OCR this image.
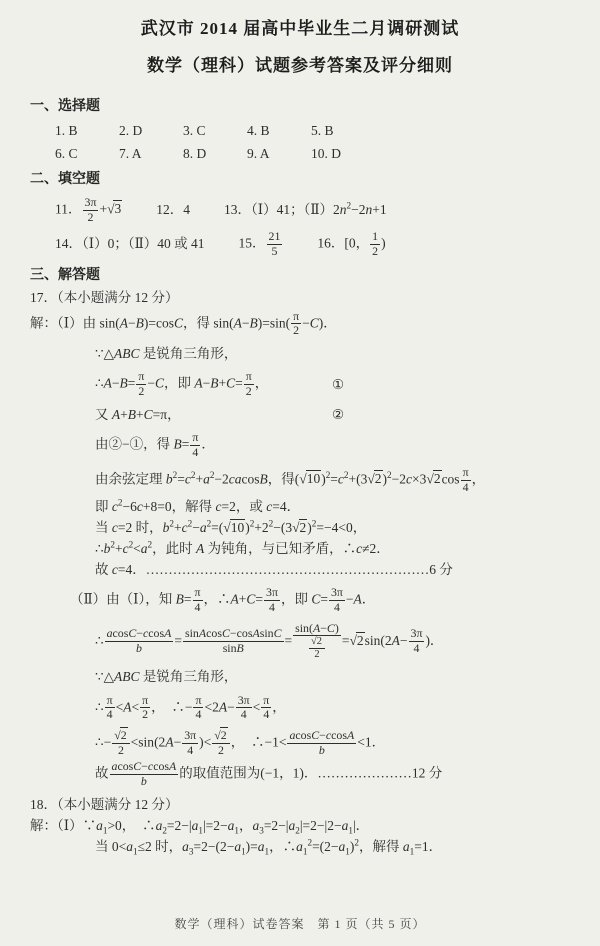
武汉市 2014 届高中毕业生二月调研测试
数学（理科）试题参考答案及评分细则
一、选择题
1. B	2. D	3. C	4. B	5. B
6. C	7. A	8. D	9. A	10. D
二、填空题
11． $\frac{3\pi}{2} +√3$	12．4	13．（Ⅰ）41；$(Ⅱ)2n^2-2n+1$
14．（Ⅰ）0；（Ⅱ）40 或 41	15． $\frac{21}{5}$	16．[0， $\frac{1}{2}$ )
三、解答题
17．（本小题满分 12 分）
解：（Ⅰ）由 sin(A−B)=cosC，得 $\sin(A-B)=\sin( \frac{\pi}{2} -C)$．
∵△ABC 是锐角三角形，
∴A−B= $\frac{\pi}{2} -C$，即 $A-B+C= \frac{\pi}{2}$ ，	①
又 A+B+C=π，	②
由②−①，得 $B= \frac{\pi}{4}$ ．
由余弦定理 $b^2=c^2+a^2-2cacosB$，得$(√10)^2=c^2+(3√2)^2-2c\times 3√2\cos \frac{\pi}{4}$ ，
即 $c^2-6c+8=0$，解得 c=2，或 c=4．
当 c=2 时，$b^2+c^2-a^2=(√10)^2+2^2-(3√2)^2=-4<0$，
$\therefore b^2+c^2<a^2$，此时 A 为钝角，与已知矛盾，∴c≠2．
故 c=4．………………………………………………………6 分
（Ⅱ）由（Ⅰ），知 $B= \frac{\pi}{4}$ ，∴A+C= $\frac{3\pi}{4}$ ，即 $C= \frac{3\pi}{4} -A$．
∴ $\frac{acosC-ccosA}{b} = \frac{\text{sinAcosC−cosAsinC}}{\sin B} = \frac{\sin(A-C)}{\frac{√2}{2}} =√2\sin(2A- \frac{3\pi}{4}$ )．
∵△ABC 是锐角三角形，
∴ $\frac{\pi}{4} <A< \frac{\pi}{2}$ ，　∴− $\frac{\pi}{4} <2A- \frac{3\pi}{4} < \frac{\pi}{4}$ ，
∴− $\frac{√2}{2} <\sin(2A- \frac{3\pi}{4}$ )< $\frac{√2}{2}$ ，　∴−1< $\frac{acosC-ccosA}{b} <1$．
故 $\frac{acosC-ccosA}{b}$ 的取值范围为(−1，1)．…………………12 分
18．（本小题满分 12 分）
解：$(Ⅰ)\because a_1>0$，　$\therefore a_2=2-|a_1|=2-a_1$，$a_3=2-|a_2|=2-|2-a_1|$．
当 $0<a_1\le 2$ 时，$a_3=2-(2-a_1)=a_1$，$\therefore a_1^2=(2-a_1)^2$，解得 $a_1=1$．
数学（理科）试卷答案　第 1 页（共 5 页）
